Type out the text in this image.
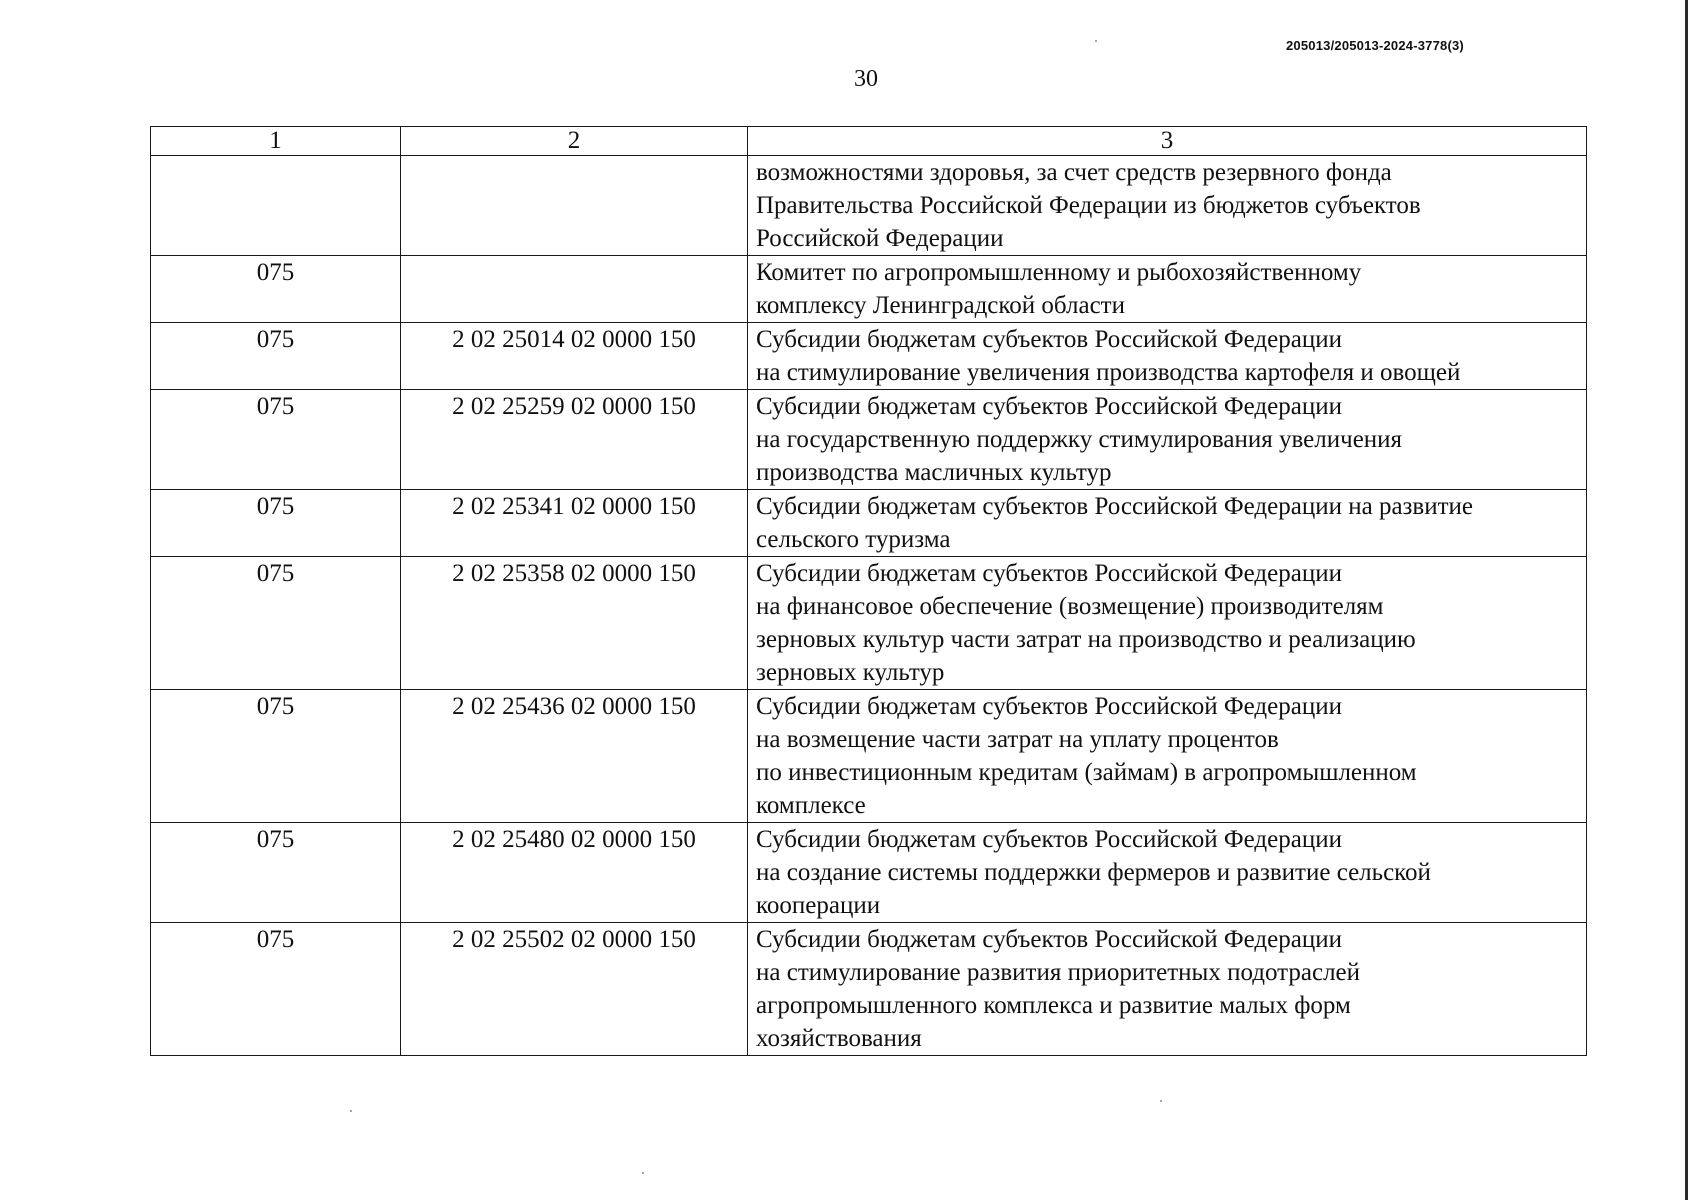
205013/205013-2024-3778(3)
30
1	2	3

		возможностями здоровья, за счет средств резервного фонда
Правительства Российской Федерации из бюджетов субъектов
Российской Федерации

075		Комитет по агропромышленному и рыбохозяйственному
комплексу Ленинградской области

075	2 02 25014 02 0000 150	Субсидии бюджетам субъектов Российской Федерации
на стимулирование увеличения производства картофеля и овощей

075	2 02 25259 02 0000 150	Субсидии бюджетам субъектов Российской Федерации
на государственную поддержку стимулирования увеличения
производства масличных культур

075	2 02 25341 02 0000 150	Субсидии бюджетам субъектов Российской Федерации на развитие
сельского туризма

075	2 02 25358 02 0000 150	Субсидии бюджетам субъектов Российской Федерации
на финансовое обеспечение (возмещение) производителям
зерновых культур части затрат на производство и реализацию
зерновых культур

075	2 02 25436 02 0000 150	Субсидии бюджетам субъектов Российской Федерации
на возмещение части затрат на уплату процентов
по инвестиционным кредитам (займам) в агропромышленном
комплексе

075	2 02 25480 02 0000 150	Субсидии бюджетам субъектов Российской Федерации
на создание системы поддержки фермеров и развитие сельской
кооперации

075	2 02 25502 02 0000 150	Субсидии бюджетам субъектов Российской Федерации
на стимулирование развития приоритетных подотраслей
агропромышленного комплекса и развитие малых форм
хозяйствования
